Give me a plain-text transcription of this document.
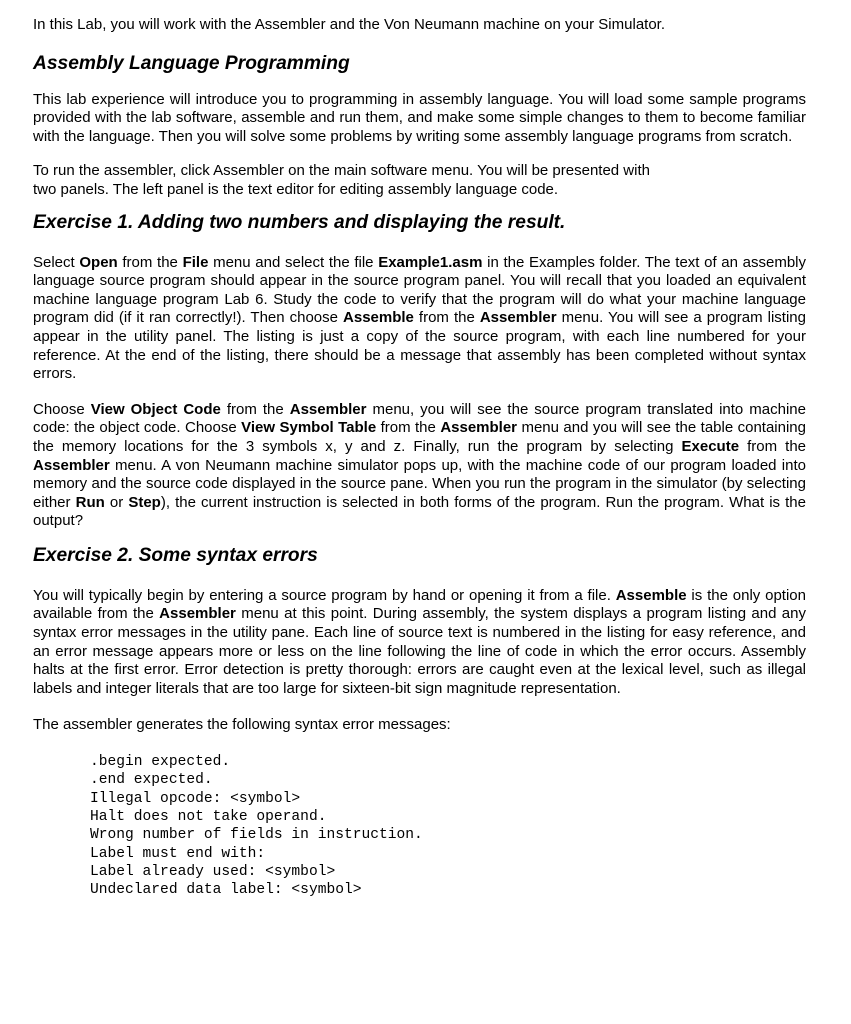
In this Lab, you will work with the Assembler and the Von Neumann machine on your Simulator.

Assembly Language Programming

This lab experience will introduce you to programming in assembly language. You will load some sample programs provided with the lab software, assemble and run them, and make some simple changes to them to become familiar with the language. Then you will solve some problems by writing some assembly language programs from scratch.

To run the assembler, click Assembler on the main software menu. You will be presented with
two panels. The left panel is the text editor for editing assembly language code.

Exercise 1. Adding two numbers and displaying the result.

Select Open from the File menu and select the file Example1.asm in the Examples folder. The text of an assembly language source program should appear in the source program panel. You will recall that you loaded an equivalent machine language program Lab 6. Study the code to verify that the program will do what your machine language program did (if it ran correctly!). Then choose Assemble from the Assembler menu. You will see a program listing appear in the utility panel. The listing is just a copy of the source program, with each line numbered for your reference. At the end of the listing, there should be a message that assembly has been completed without syntax errors.

Choose View Object Code from the Assembler menu, you will see the source program translated into machine code: the object code. Choose View Symbol Table from the Assembler menu and you will see the table containing the memory locations for the 3 symbols x, y and z. Finally, run the program by selecting Execute from the Assembler menu. A von Neumann machine simulator pops up, with the machine code of our program loaded into memory and the source code displayed in the source pane. When you run the program in the simulator (by selecting either Run or Step), the current instruction is selected in both forms of the program. Run the program. What is the output?

Exercise 2. Some syntax errors

You will typically begin by entering a source program by hand or opening it from a file. Assemble is the only option available from the Assembler menu at this point. During assembly, the system displays a program listing and any syntax error messages in the utility pane. Each line of source text is numbered in the listing for easy reference, and an error message appears more or less on the line following the line of code in which the error occurs. Assembly halts at the first error. Error detection is pretty thorough: errors are caught even at the lexical level, such as illegal labels and integer literals that are too large for sixteen-bit sign magnitude representation.

The assembler generates the following syntax error messages:

.begin expected.
.end expected.
Illegal opcode: <symbol>
Halt does not take operand.
Wrong number of fields in instruction.
Label must end with:
Label already used: <symbol>
Undeclared data label: <symbol>
